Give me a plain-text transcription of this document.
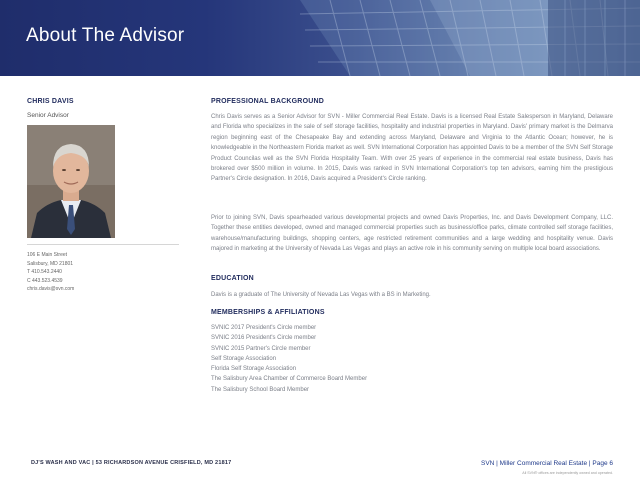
About The Advisor
CHRIS DAVIS
Senior Advisor
106 E Main Street
Salisbury, MD 21801
T 410.543.2440
C 443.523.4539
chris.davis@svn.com
PROFESSIONAL BACKGROUND

Chris Davis serves as a Senior Advisor for SVN - Miller Commercial Real Estate. Davis is a licensed Real Estate Salesperson in Maryland, Delaware and Florida who specializes in the sale of self storage facilities, hospitality and industrial properties in Maryland. Davis' primary market is the Delmarva region beginning east of the Chesapeake Bay and extending across Maryland, Delaware and Virginia to the Atlantic Ocean; however, he is knowledgeable in the Northeastern Florida market as well. SVN International Corporation has appointed Davis to be a member of the SVN Self Storage Product Councilas well as the SVN Florida Hospitality Team. With over 25 years of experience in the commercial real estate business, Davis has brokered over $500 million in volume. In 2015, Davis was ranked in SVN International Corporation's top ten advisors, earning him the prestigious Partner's Circle designation. In 2016, Davis acquired a President's Circle ranking.

Prior to joining SVN, Davis spearheaded various developmental projects and owned Davis Properties, Inc. and Davis Development Company, LLC. Together these entities developed, owned and managed commercial properties such as business/office parks, climate controlled self storage facilities, warehouse/manufacturing buildings, shopping centers, age restricted retirement communities and a large wedding and hospitality venue. Davis majored in marketing at the University of Nevada Las Vegas and plays an active role in his community serving on multiple local board associations.

EDUCATION

Davis is a graduate of The University of Nevada Las Vegas with a BS in Marketing.

MEMBERSHIPS & AFFILIATIONS
SVNIC 2017 President's Circle member
SVNIC 2016 President's Circle member
SVNIC 2015 Partner's Circle member
Self Storage Association
Florida Self Storage Association
The Salisbury Area Chamber of Commerce Board Member
The Salisbury School Board Member
DJ'S WASH AND VAC | 53 RICHARDSON AVENUE CRISFIELD, MD 21817	SVN | Miller Commercial Real Estate | Page 6
All SVN® offices are independently owned and operated.
